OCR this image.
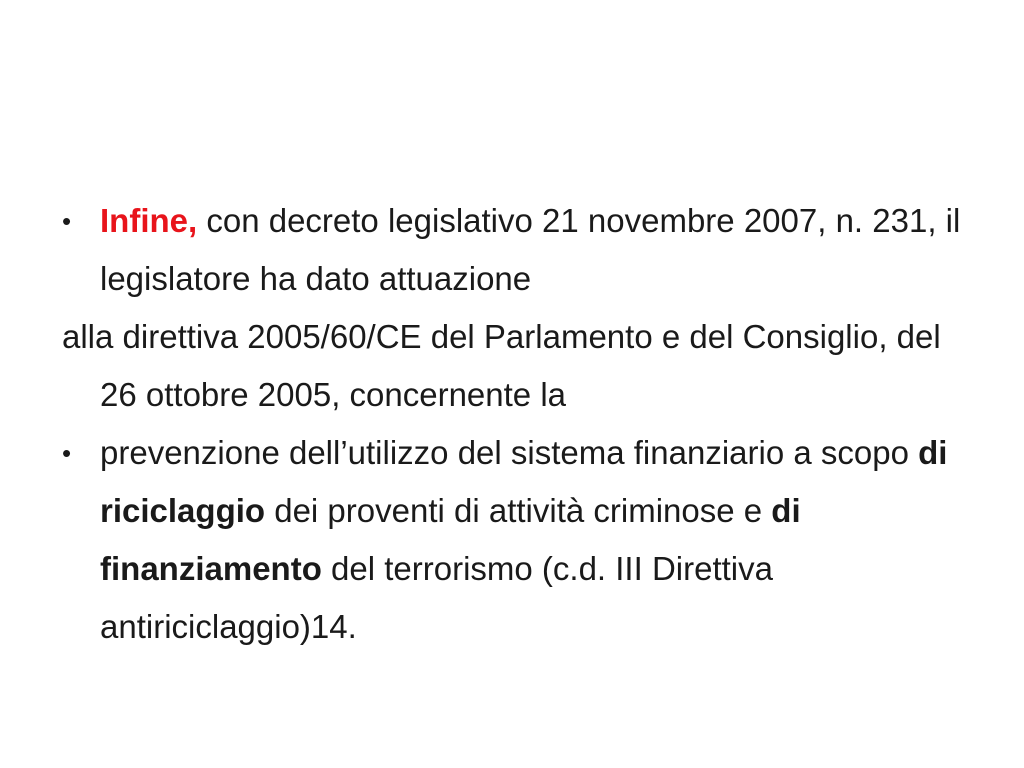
• Infine, con decreto legislativo 21 novembre 2007, n. 231, il legislatore ha dato attuazione

alla direttiva 2005/60/CE del Parlamento e del Consiglio, del 26 ottobre 2005, concernente la

• prevenzione dell’utilizzo del sistema finanziario a scopo di riciclaggio dei proventi di attività criminose e di finanziamento del terrorismo (c.d. III Direttiva antiriciclaggio)14.
